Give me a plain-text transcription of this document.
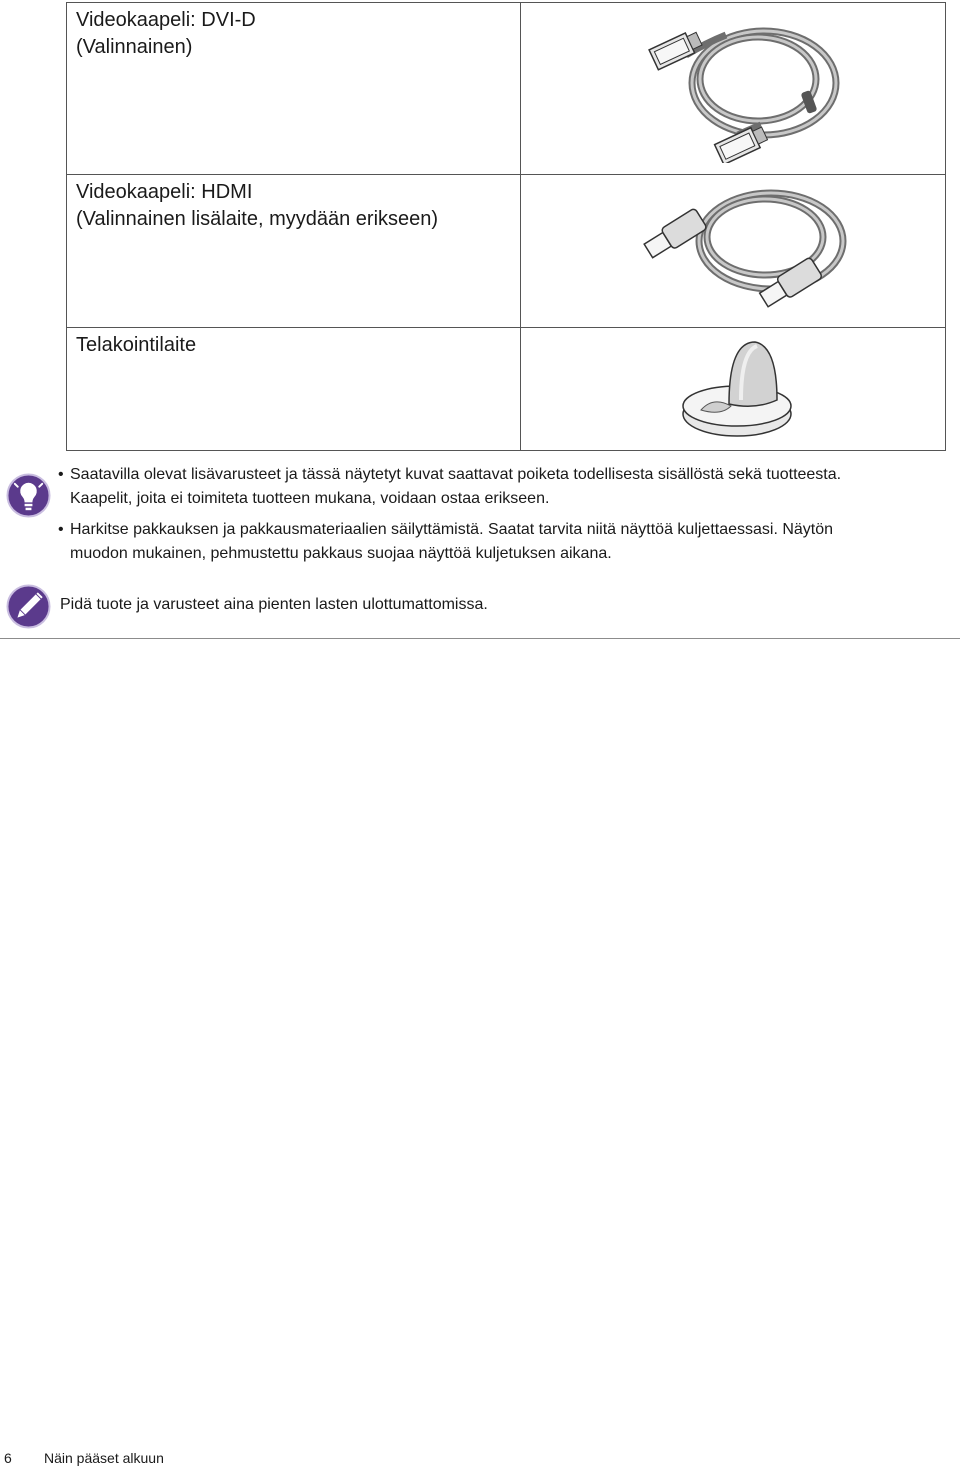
Videokaapeli: DVI-D
(Valinnainen)	

Videokaapeli: HDMI
(Valinnainen lisälaite, myydään erikseen)	

Telakointilaite	
• Saatavilla olevat lisävarusteet ja tässä näytetyt kuvat saattavat poiketa todellisesta sisällöstä sekä tuotteesta.
Kaapelit, joita ei toimiteta tuotteen mukana, voidaan ostaa erikseen.
• Harkitse pakkauksen ja pakkausmateriaalien säilyttämistä. Saatat tarvita niitä näyttöä kuljettaessasi. Näytön
muodon mukainen, pehmustettu pakkaus suojaa näyttöä kuljetuksen aikana.
Pidä tuote ja varusteet aina pienten lasten ulottumattomissa.
6 Näin pääset alkuun
